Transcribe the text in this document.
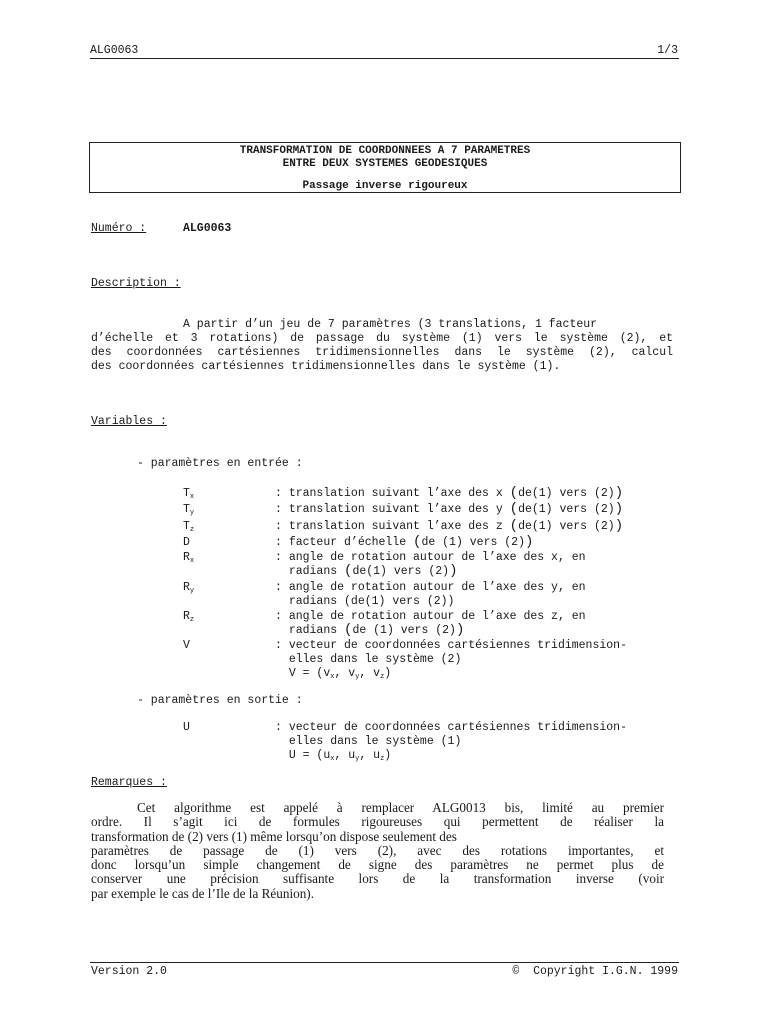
ALG0063	1/3
TRANSFORMATION DE COORDONNEES A 7 PARAMETRES
ENTRE DEUX SYSTEMES GEODESIQUES
Passage inverse rigoureux
Numéro :	ALG0063
Description :
A partir d’un jeu de 7 paramètres (3 translations, 1 facteur
d’échelle et 3 rotations) de passage du système (1) vers le système (2), et
des coordonnées cartésiennes tridimensionnelles dans le système (2), calcul
des coordonnées cartésiennes tridimensionnelles dans le système (1).
Variables :
- paramètres en entrée :
$T_x$	: translation suivant l’axe des x (de(1) vers (2))
$T_y$	: translation suivant l’axe des y (de(1) vers (2))
$T_z$	: translation suivant l’axe des z (de(1) vers (2))
D	: facteur d’échelle (de (1) vers (2))
$R_x$	: angle de rotation autour de l’axe des x, en
radians (de(1) vers (2))
$R_y$	: angle de rotation autour de l’axe des y, en
radians (de(1) vers (2))
$R_z$	: angle de rotation autour de l’axe des z, en
radians (de (1) vers (2))
V	: vecteur de coordonnées cartésiennes tridimension-
elles dans le système (2)
$V = (v_x$, $v_y$, $v_z$)
- paramètres en sortie :
U	: vecteur de coordonnées cartésiennes tridimension-
elles dans le système (1)
$U = (u_x$, $u_y$, $u_z$)
Remarques :
Cet algorithme est appelé à remplacer ALG0013 bis, limité au premier
ordre. Il s’agit ici de formules rigoureuses qui permettent de réaliser la
transformation de (2) vers (1) même lorsqu’on dispose seulement des
paramètres de passage de (1) vers (2), avec des rotations importantes, et
donc lorsqu’un simple changement de signe des paramètres ne permet plus de
conserver une précision suffisante lors de la transformation inverse (voir
par exemple le cas de l’Ile de la Réunion).
Version 2.0	© Copyright I.G.N. 1999
